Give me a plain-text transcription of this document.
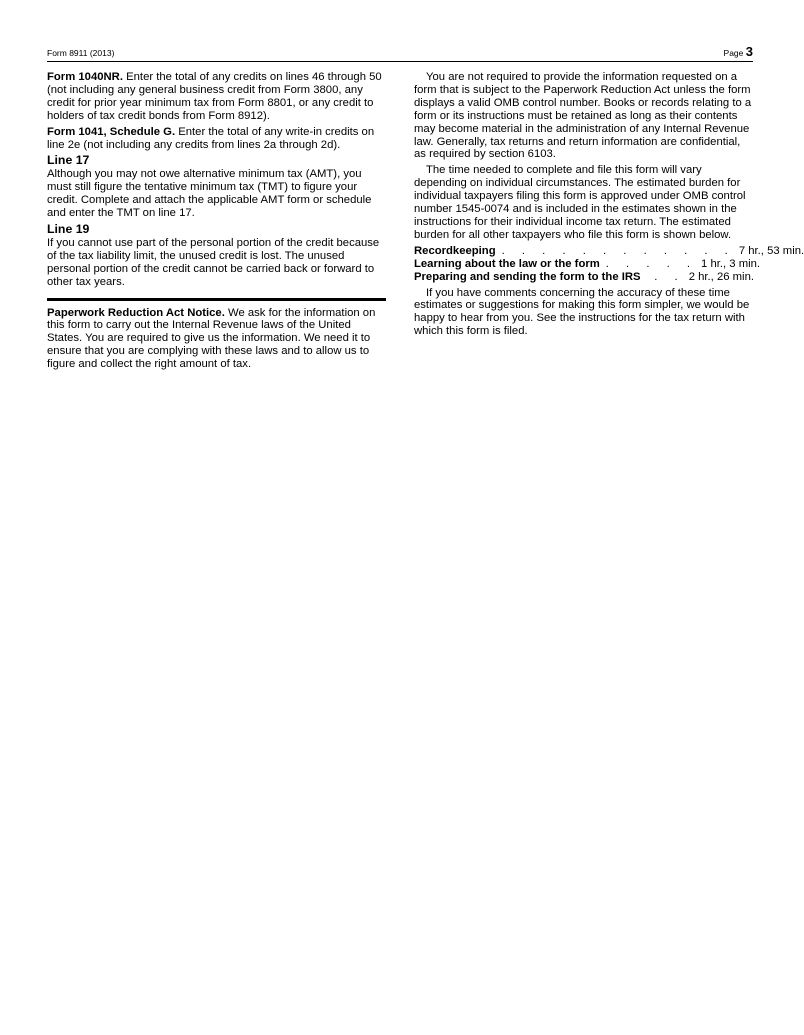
Form 8911 (2013)	Page 3

Form 1040NR. Enter the total of any credits on lines 46 through 50 (not including any general business credit from Form 3800, any credit for prior year minimum tax from Form 8801, or any credit to holders of tax credit bonds from Form 8912).

Form 1041, Schedule G. Enter the total of any write-in credits on line 2e (not including any credits from lines 2a through 2d).

Line 17

Although you may not owe alternative minimum tax (AMT), you must still figure the tentative minimum tax (TMT) to figure your credit. Complete and attach the applicable AMT form or schedule and enter the TMT on line 17.

Line 19

If you cannot use part of the personal portion of the credit because of the tax liability limit, the unused credit is lost. The unused personal portion of the credit cannot be carried back or forward to other tax years.

Paperwork Reduction Act Notice. We ask for the information on this form to carry out the Internal Revenue laws of the United States. You are required to give us the information. We need it to ensure that you are complying with these laws and to allow us to figure and collect the right amount of tax.

You are not required to provide the information requested on a form that is subject to the Paperwork Reduction Act unless the form displays a valid OMB control number. Books or records relating to a form or its instructions must be retained as long as their contents may become material in the administration of any Internal Revenue law. Generally, tax returns and return information are confidential, as required by section 6103.

The time needed to complete and file this form will vary depending on individual circumstances. The estimated burden for individual taxpayers filing this form is approved under OMB control number 1545-0074 and is included in the estimates shown in the instructions for their individual income tax return. The estimated burden for all other taxpayers who file this form is shown below.

Recordkeeping . . . . . . . . . . . . 7 hr., 53 min.
Learning about the law or the form . . . . . 1 hr., 3 min.
Preparing and sending the form to the IRS	. . 2 hr., 26 min.

If you have comments concerning the accuracy of these time estimates or suggestions for making this form simpler, we would be happy to hear from you. See the instructions for the tax return with which this form is filed.
